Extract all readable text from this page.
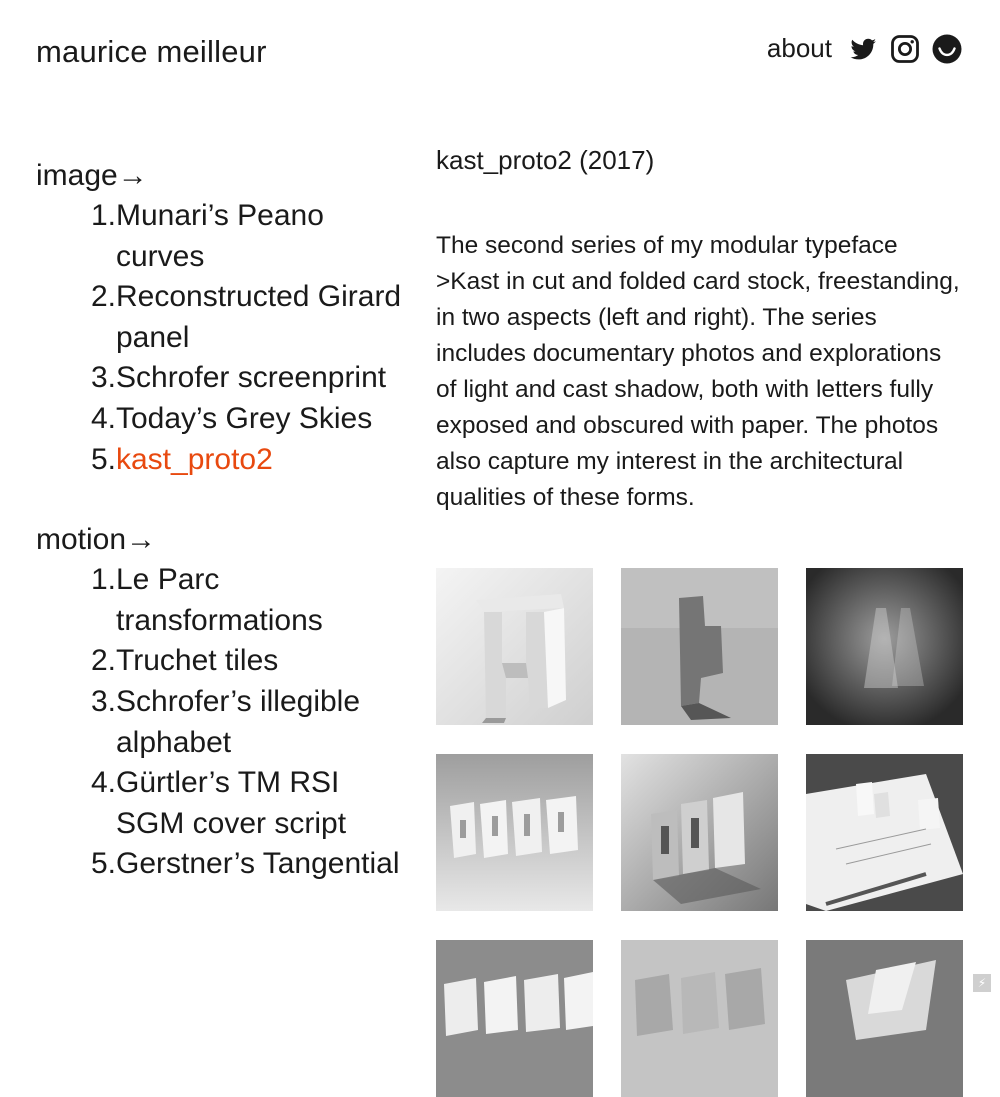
maurice meilleur	about
image→
1. Munari’s Peano curves
2. Reconstructed Girard panel
3. Schrofer screenprint
4. Today’s Grey Skies
5. kast_proto2
motion→
1. Le Parc transformations
2. Truchet tiles
3. Schrofer’s illegible alphabet
4. Gürtler’s TM RSI SGM cover script
5. Gerstner’s Tangential
kast_proto2 (2017)

The second series of my modular typeface >Kast in cut and folded card stock, freestanding, in two aspects (left and right). The series includes documentary photos and explorations of light and cast shadow, both with letters fully exposed and obscured with paper. The photos also capture my interest in the architectural qualities of these forms.

⚡
